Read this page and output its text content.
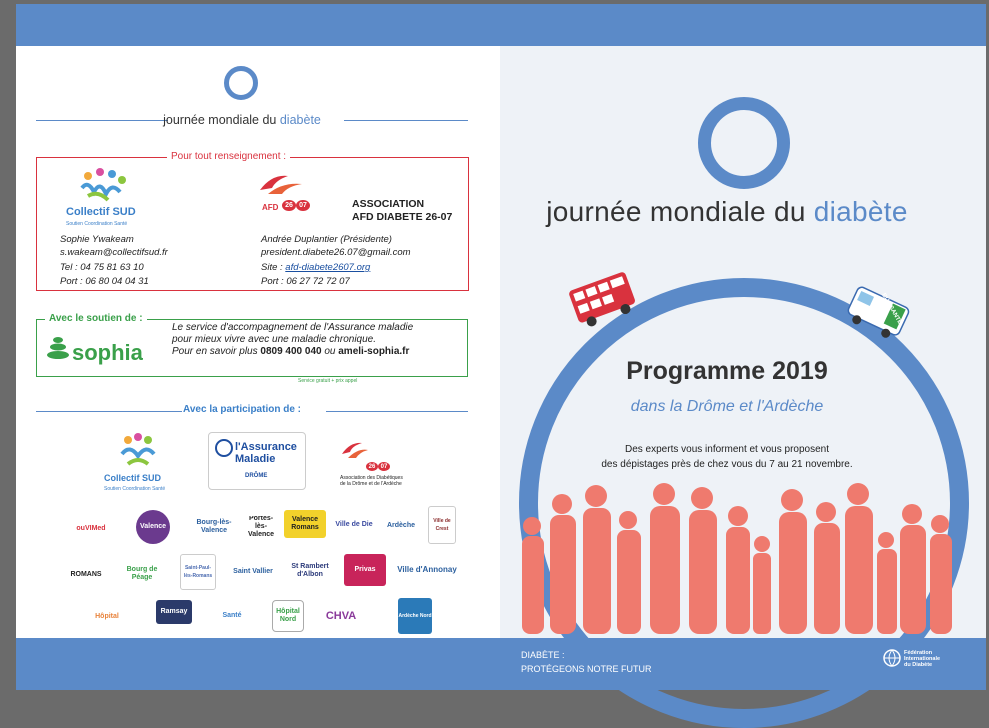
journée mondiale du diabète
Pour tout renseignement :
Collectif SUD
Soutien Coordination Santé
Sophie Ywakeam
s.wakeam@collectifsud.fr
Tel : 04 75 81 63 10
Port : 06 80 04 04 31
AFD 26 07	ASSOCIATION
AFD DIABETE 26-07
Andrée Duplantier (Présidente)
president.diabete26.07@gmail.com
Site : afd-diabete2607.org
Port : 06 27 72 72 07
Avec le soutien de :
sophia
Le service d'accompagnement de l'Assurance maladie
pour mieux vivre avec une maladie chronique.
Pour en savoir plus 0809 400 040 ou ameli-sophia.fr
Service gratuit + prix appel
Avec la participation de :
Collectif SUD
Soutien Coordination Santé
l'Assurance
Maladie
DRÔME
26 07
Association des Diabétiques
de la Drôme et de l'Ardèche
ouVIMed	Valence
Bourg-lès-Valence
Portes-lès-Valence
Valence Romans	Ville de Die	Ardèche
Ville de Crest
ROMANS
Bourg de Péage
Saint-Paul-lès-Romans
Saint Vallier
St Rambert d'Albon
Privas	Ville d'Annonay
Hôpital
Ramsay
Santé
Hôpital Nord	CHVA	Ardèche Nord
journée mondiale du diabète
BUS SANTÉ
Programme 2019
dans la Drôme et l'Ardèche
Des experts vous informent et vous proposent
des dépistages près de chez vous du 7 au 21 novembre.
DIABÈTE :
PROTÉGEONS NOTRE FUTUR
Fédération
Internationale
du Diabète
